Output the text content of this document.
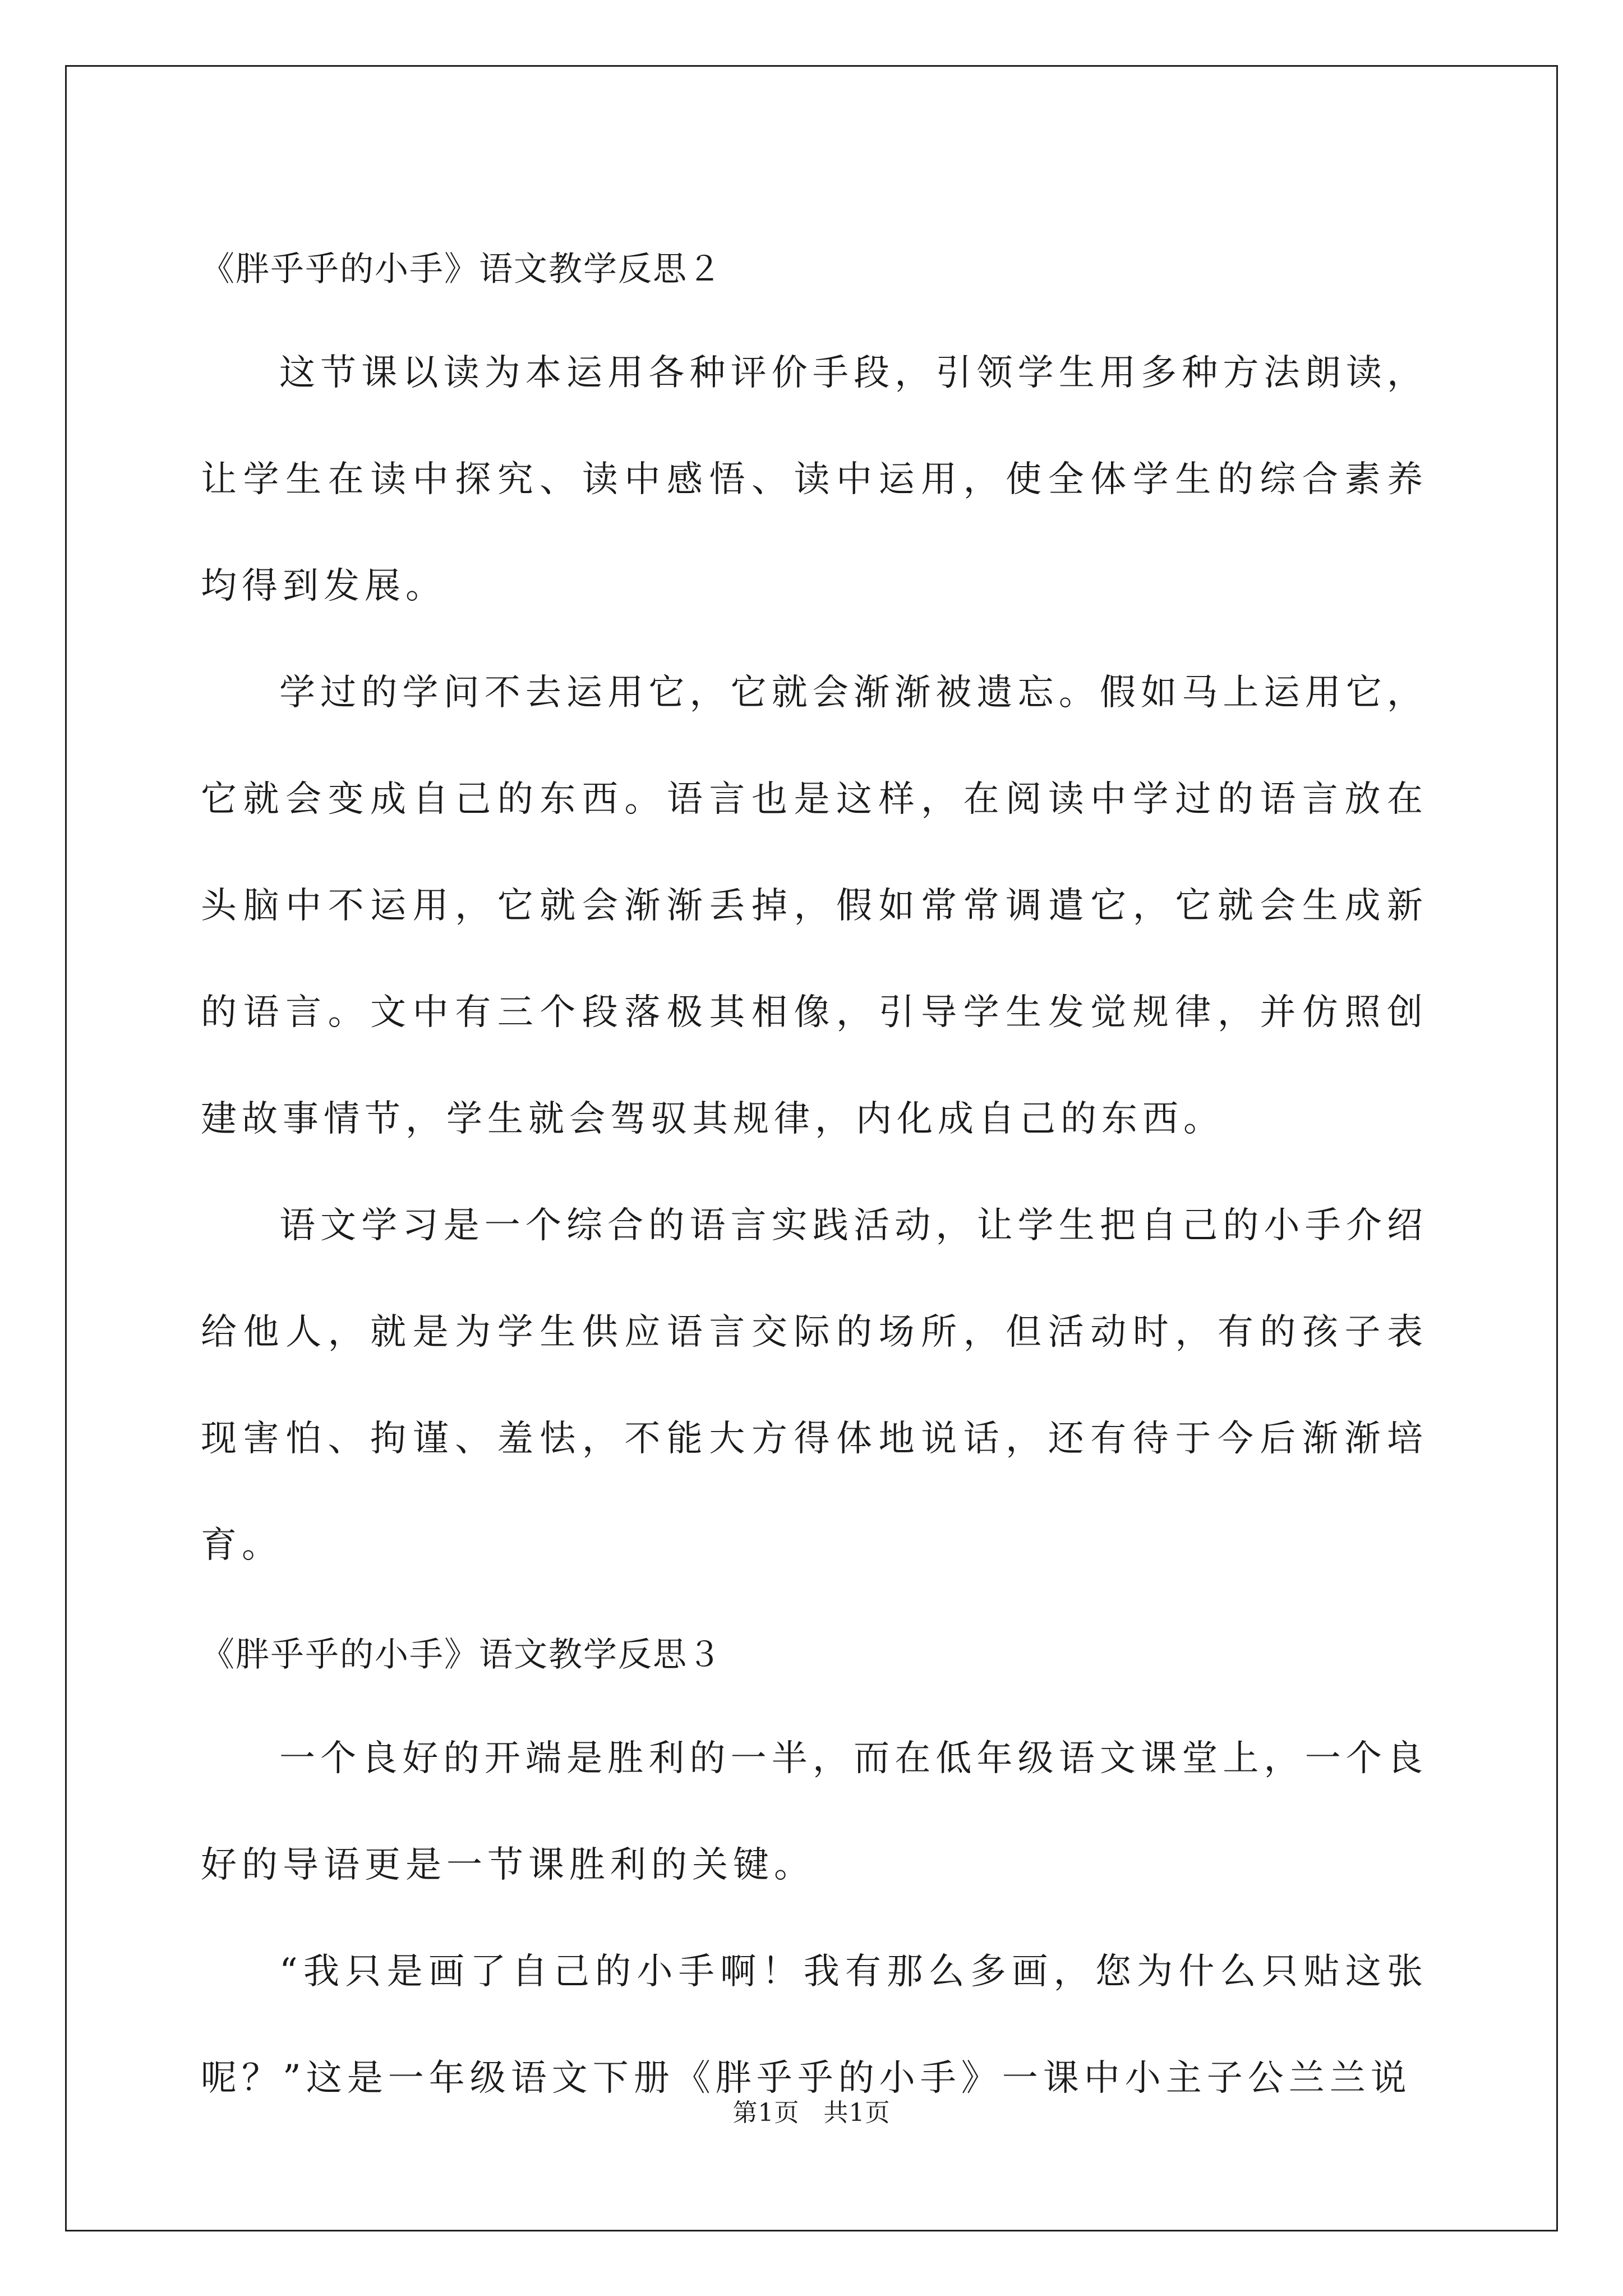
《胖乎乎的小手》语文教学反思２

这节课以读为本运用各种评价手段，引领学生用多种方法朗读，让学生在读中探究、读中感悟、读中运用，使全体学生的综合素养均得到发展。

学过的学问不去运用它，它就会渐渐被遗忘。假如马上运用它，它就会变成自己的东西。语言也是这样，在阅读中学过的语言放在头脑中不运用，它就会渐渐丢掉，假如常常调遣它，它就会生成新的语言。文中有三个段落极其相像，引导学生发觉规律，并仿照创建故事情节，学生就会驾驭其规律，内化成自己的东西。

语文学习是一个综合的语言实践活动，让学生把自己的小手介绍给他人，就是为学生供应语言交际的场所，但活动时，有的孩子表现害怕、拘谨、羞怯，不能大方得体地说话，还有待于今后渐渐培育。

《胖乎乎的小手》语文教学反思３

一个良好的开端是胜利的一半，而在低年级语文课堂上，一个良好的导语更是一节课胜利的关键。

“我只是画了自己的小手啊！我有那么多画，您为什么只贴这张呢？”这是一年级语文下册《胖乎乎的小手》一课中小主子公兰兰说

第1页 共1页
